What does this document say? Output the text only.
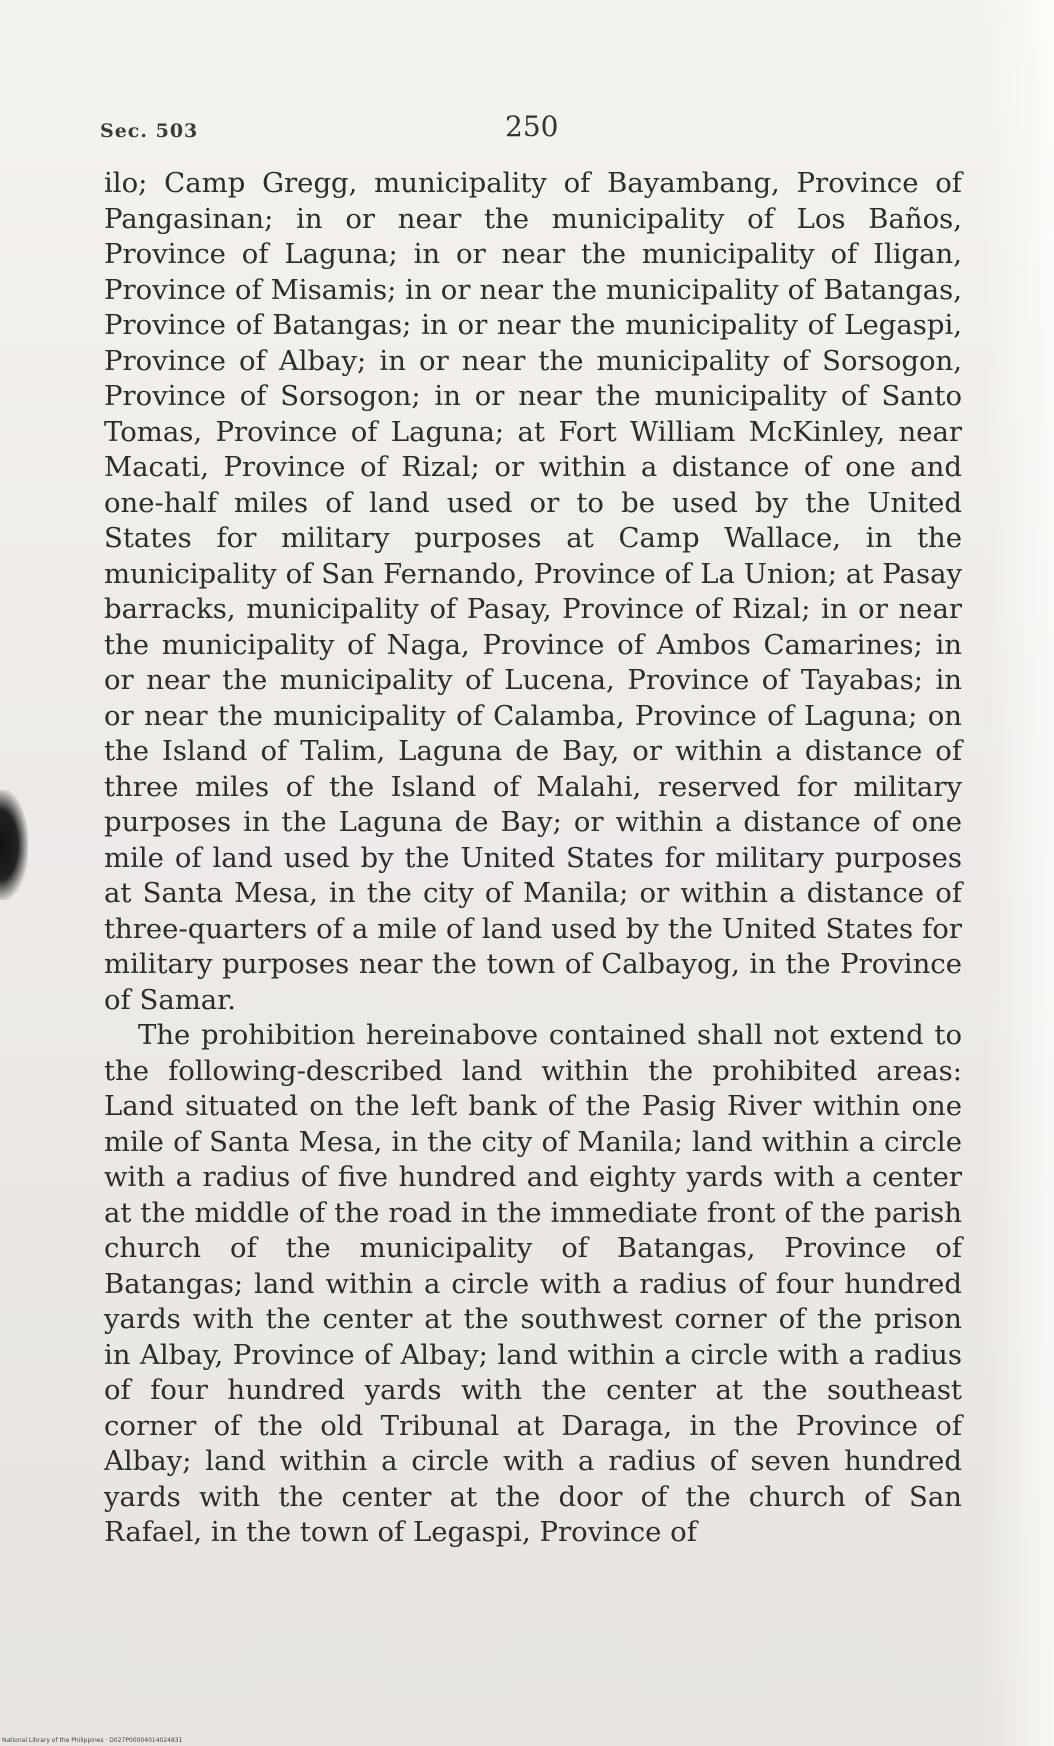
Sec. 503	250

ilo; Camp Gregg, municipality of Bayambang, Province of Pangasinan; in or near the municipality of Los Baños, Province of Laguna; in or near the municipality of Iligan, Province of Misamis; in or near the municipality of Batangas, Province of Batangas; in or near the municipality of Legaspi, Province of Albay; in or near the municipality of Sorsogon, Province of Sorsogon; in or near the municipality of Santo Tomas, Province of Laguna; at Fort William McKinley, near Macati, Province of Rizal; or within a distance of one and one-half miles of land used or to be used by the United States for military purposes at Camp Wallace, in the municipality of San Fernando, Province of La Union; at Pasay barracks, municipality of Pasay, Province of Rizal; in or near the municipality of Naga, Province of Ambos Camarines; in or near the municipality of Lucena, Province of Tayabas; in or near the municipality of Calamba, Province of Laguna; on the Island of Talim, Laguna de Bay, or within a distance of three miles of the Island of Malahi, reserved for military purposes in the Laguna de Bay; or within a distance of one mile of land used by the United States for military purposes at Santa Mesa, in the city of Manila; or within a distance of three-quarters of a mile of land used by the United States for military purposes near the town of Calbayog, in the Province of Samar.

The prohibition hereinabove contained shall not extend to the following-described land within the prohibited areas: Land situated on the left bank of the Pasig River within one mile of Santa Mesa, in the city of Manila; land within a circle with a radius of five hundred and eighty yards with a center at the middle of the road in the immediate front of the parish church of the municipality of Batangas, Province of Batangas; land within a circle with a radius of four hundred yards with the center at the southwest corner of the prison in Albay, Province of Albay; land within a circle with a radius of four hundred yards with the center at the southeast corner of the old Tribunal at Daraga, in the Province of Albay; land within a circle with a radius of seven hundred yards with the center at the door of the church of San Rafael, in the town of Legaspi, Province of

National Library of the Philippines · D027P00004014024831
